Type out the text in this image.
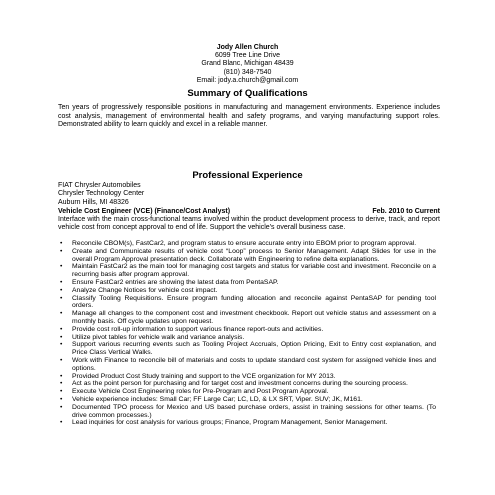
Jody Allen Church
6099 Tree Line Drive
Grand Blanc, Michigan 48439
(810) 348-7540
Email: jody.a.church@gmail.com
Summary of Qualifications
Ten years of progressively responsible positions in manufacturing and management environments. Experience includes cost analysis, management of environmental health and safety programs, and varying manufacturing support roles. Demonstrated ability to learn quickly and excel in a reliable manner.
Professional Experience
FIAT Chrysler Automobiles
Chrysler Technology Center
Auburn Hills, MI 48326
Vehicle Cost Engineer (VCE) (Finance/Cost Analyst)	Feb. 2010 to Current
Interface with the main cross-functional teams involved within the product development process to derive, track, and report vehicle cost from concept approval to end of life. Support the vehicle's overall business case.
• Reconcile CBOM(s), FastCar2, and program status to ensure accurate entry into EBOM prior to program approval.
• Create and Communicate results of vehicle cost “Loop” process to Senior Management. Adapt Slides for use in the overall Program Approval presentation deck. Collaborate with Engineering to refine delta explanations.
• Maintain FastCar2 as the main tool for managing cost targets and status for variable cost and investment. Reconcile on a recurring basis after program approval.
• Ensure FastCar2 entries are showing the latest data from PentaSAP.
• Analyze Change Notices for vehicle cost impact.
• Classify Tooling Requisitions. Ensure program funding allocation and reconcile against PentaSAP for pending tool orders.
• Manage all changes to the component cost and investment checkbook. Report out vehicle status and assessment on a monthly basis. Off cycle updates upon request.
• Provide cost roll-up information to support various finance report-outs and activities.
• Utilize pivot tables for vehicle walk and variance analysis.
• Support various recurring events such as Tooling Project Accruals, Option Pricing, Exit to Entry cost explanation, and Price Class Vertical Walks.
• Work with Finance to reconcile bill of materials and costs to update standard cost system for assigned vehicle lines and options.
• Provided Product Cost Study training and support to the VCE organization for MY 2013.
• Act as the point person for purchasing and for target cost and investment concerns during the sourcing process.
• Execute Vehicle Cost Engineering roles for Pre-Program and Post Program Approval.
• Vehicle experience includes: Small Car; FF Large Car; LC, LD, & LX SRT, Viper. SUV; JK, M161.
• Documented TPO process for Mexico and US based purchase orders, assist in training sessions for other teams. (To drive common processes.)
• Lead inquiries for cost analysis for various groups; Finance, Program Management, Senior Management.
